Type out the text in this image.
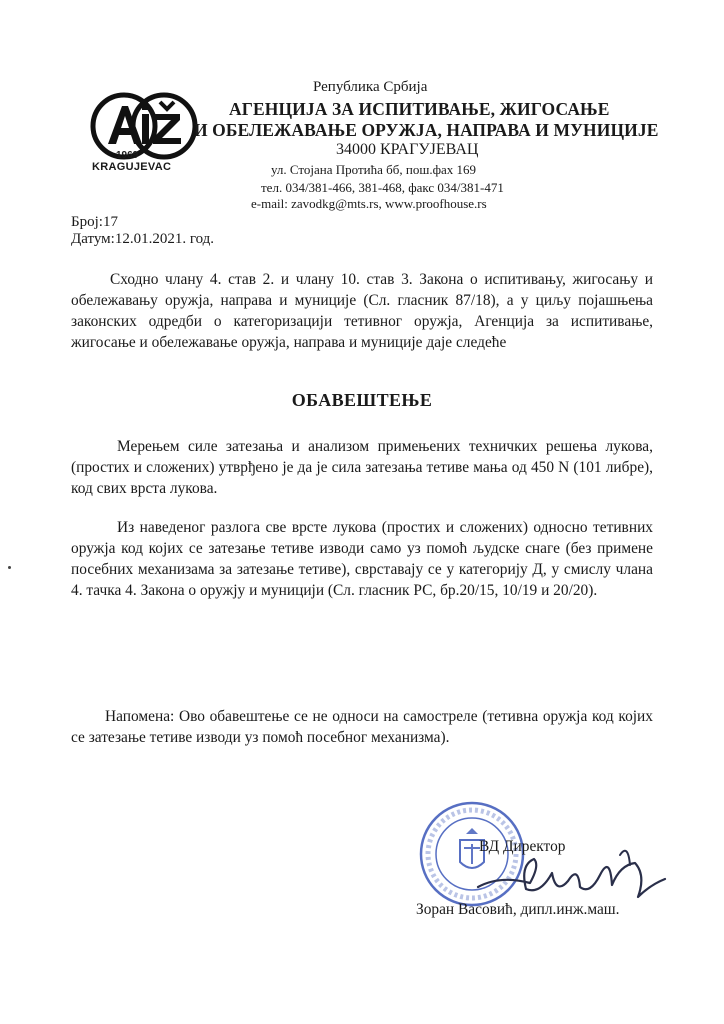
1969
KRAGUJEVAC
Република Србија
АГЕНЦИЈА ЗА ИСПИТИВАЊЕ, ЖИГОСАЊЕ
И ОБЕЛЕЖАВАЊЕ ОРУЖЈА, НАПРАВА И МУНИЦИЈЕ
34000 КРАГУЈЕВАЦ
ул. Стојана Протића бб, пош.фах 169
тел. 034/381-466, 381-468, факс 034/381-471
e-mail: zavodkg@mts.rs, www.proofhouse.rs
Број:17
Датум:12.01.2021. год.

Сходно члану 4. став 2. и члану 10. став 3. Закона о испитивању, жигосању и обележавању оружја, направа и муниције (Сл. гласник 87/18), а у циљу појашњења законских одредби о категоризацији тетивног оружја, Агенција за испитивање, жигосање и обележавање оружја, направа и муниције даје следеће

ОБАВЕШТЕЊЕ

Мерењем силе затезања и анализом примењених техничких решења лукова, (простих и сложених) утврђено је да је сила затезања тетиве мања од 450 N (101 либре), код свих врста лукова.

Из наведеног разлога све врсте лукова (простих и сложених) односно тетивних оружја код којих се затезање тетиве изводи само уз помоћ људске снаге (без примене посебних механизама за затезање тетиве), сврставају се у категорију Д, у смислу члана 4. тачка 4. Закона о оружју и муницији (Сл. гласник РС, бр.20/15, 10/19 и 20/20).

Напомена: Ово обавештење се не односи на самостреле (тетивна оружја код којих се затезање тетиве изводи уз помоћ посебног механизма).

ВД Директор
Зоран Васовић, дипл.инж.маш.
